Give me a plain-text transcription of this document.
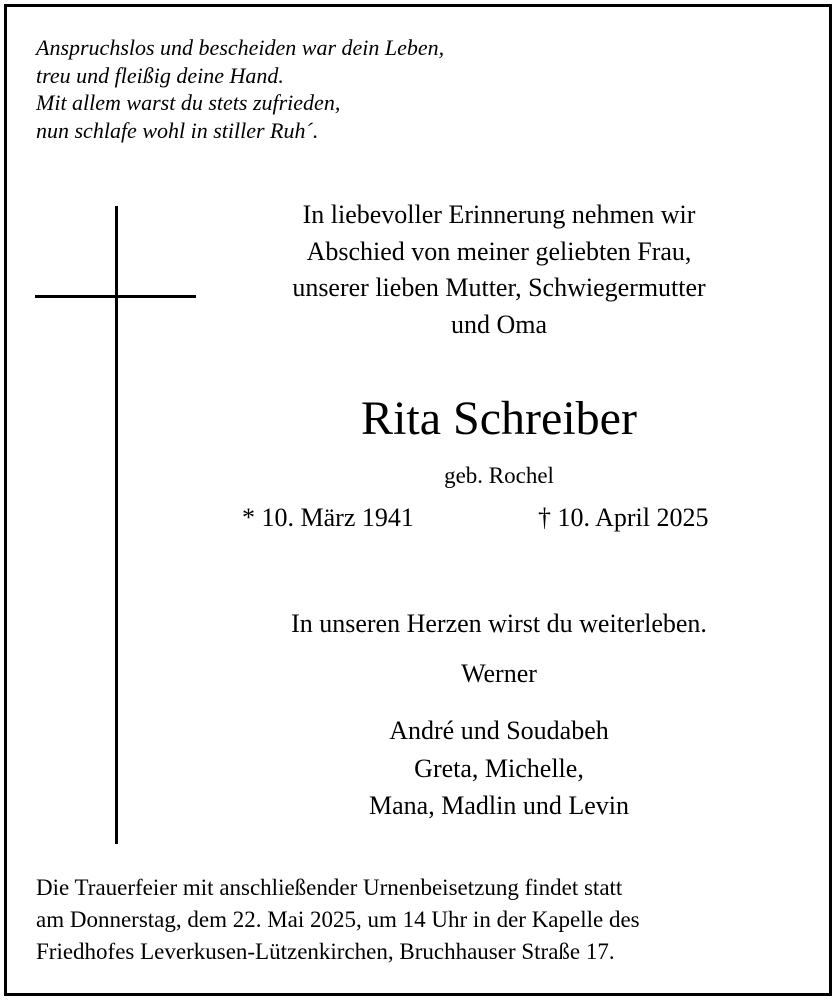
Anspruchslos und bescheiden war dein Leben,
treu und fleißig deine Hand.
Mit allem warst du stets zufrieden,
nun schlafe wohl in stiller Ruh´.
In liebevoller Erinnerung nehmen wir
Abschied von meiner geliebten Frau,
unserer lieben Mutter, Schwiegermutter
und Oma
Rita Schreiber
geb. Rochel
* 10. März 1941	† 10. April 2025
In unseren Herzen wirst du weiterleben.
Werner
André und Soudabeh
Greta, Michelle,
Mana, Madlin und Levin
Die Trauerfeier mit anschließender Urnenbeisetzung findet statt
am Donnerstag, dem 22. Mai 2025, um 14 Uhr in der Kapelle des
Friedhofes Leverkusen-Lützenkirchen, Bruchhauser Straße 17.
